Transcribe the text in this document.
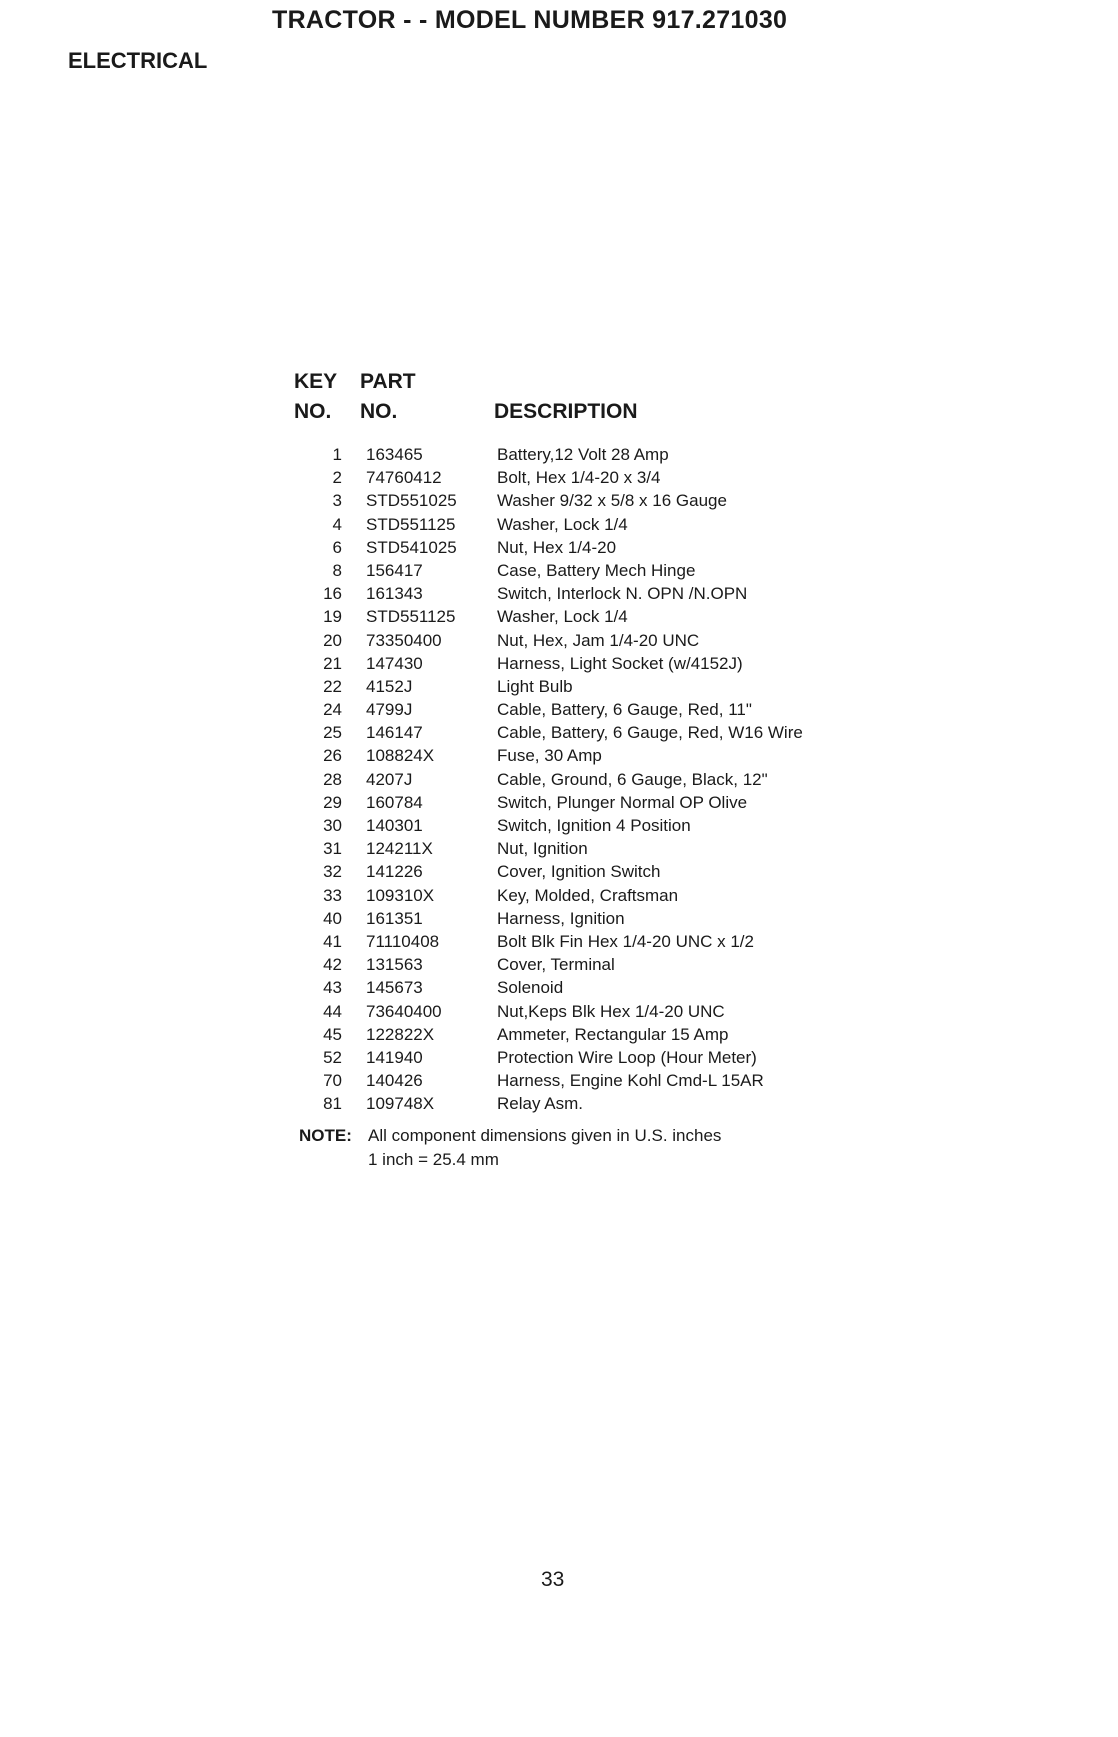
TRACTOR - - MODEL NUMBER 917.271030
ELECTRICAL
KEY
NO.
PART
NO.	DESCRIPTION
1 163465	Battery,12 Volt 28 Amp
2 74760412	Bolt, Hex 1/4-20 x 3/4
3 STD551025 Washer 9/32 x 5/8 x 16 Gauge
4 STD551125 Washer, Lock 1/4
6 STD541025 Nut, Hex 1/4-20
8 156417	Case, Battery Mech Hinge
16 161343	Switch, Interlock N. OPN /N.OPN
19 STD551125 Washer, Lock 1/4
20 73350400	Nut, Hex, Jam 1/4-20 UNC
21 147430	Harness, Light Socket (w/4152J)
22 4152J	Light Bulb
24 4799J	Cable, Battery, 6 Gauge, Red, 11"
25 146147	Cable, Battery, 6 Gauge, Red, W16 Wire
26 108824X	Fuse, 30 Amp
28 4207J	Cable, Ground, 6 Gauge, Black, 12"
29 160784	Switch, Plunger Normal OP Olive
30 140301	Switch, Ignition 4 Position
31 124211X	Nut, Ignition
32 141226	Cover, Ignition Switch
33 109310X	Key, Molded, Craftsman
40 161351	Harness, Ignition
41 71110408	Bolt Blk Fin Hex 1/4-20 UNC x 1/2
42 131563	Cover, Terminal
43 145673	Solenoid
44 73640400	Nut,Keps Blk Hex 1/4-20 UNC
45 122822X	Ammeter, Rectangular 15 Amp
52 141940	Protection Wire Loop (Hour Meter)
70 140426	Harness, Engine Kohl Cmd-L 15AR
81 109748X	Relay Asm.
NOTE: All component dimensions given in U.S. inches
1 inch = 25.4 mm
33
